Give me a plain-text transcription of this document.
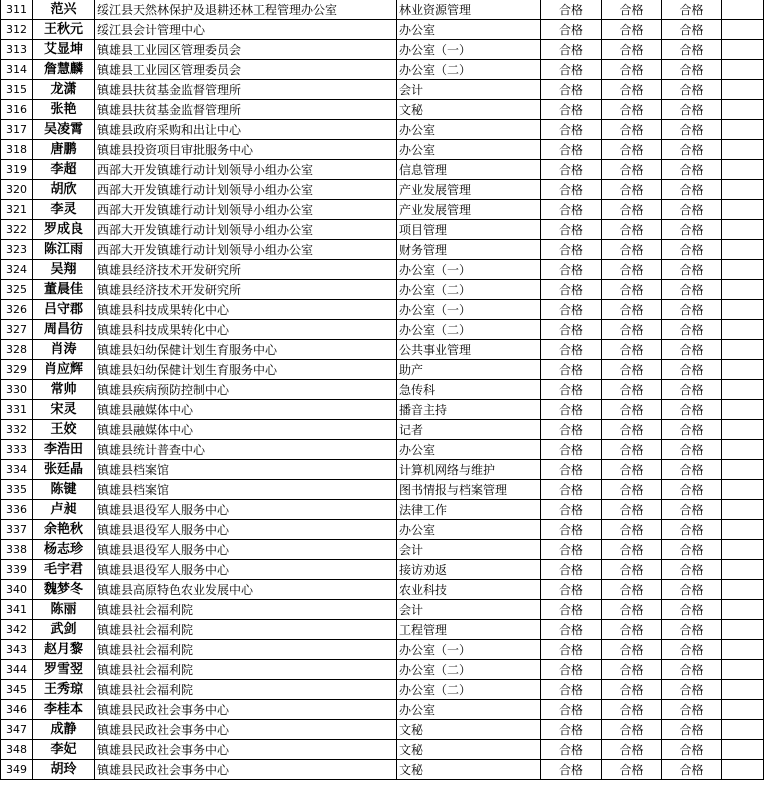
311	范兴	绥江县天然林保护及退耕还林工程管理办公室	林业资源管理	合格	合格	合格	
312	王秋元	绥江县会计管理中心	办公室	合格	合格	合格	
313	艾显坤	镇雄县工业园区管理委员会	办公室（一）	合格	合格	合格	
314	詹慧麟	镇雄县工业园区管理委员会	办公室（二）	合格	合格	合格	
315	龙潇	镇雄县扶贫基金监督管理所	会计	合格	合格	合格	
316	张艳	镇雄县扶贫基金监督管理所	文秘	合格	合格	合格	
317	吴凌霄	镇雄县政府采购和出让中心	办公室	合格	合格	合格	
318	唐鹏	镇雄县投资项目审批服务中心	办公室	合格	合格	合格	
319	李超	西部大开发镇雄行动计划领导小组办公室	信息管理	合格	合格	合格	
320	胡欣	西部大开发镇雄行动计划领导小组办公室	产业发展管理	合格	合格	合格	
321	李灵	西部大开发镇雄行动计划领导小组办公室	产业发展管理	合格	合格	合格	
322	罗成良	西部大开发镇雄行动计划领导小组办公室	项目管理	合格	合格	合格	
323	陈江雨	西部大开发镇雄行动计划领导小组办公室	财务管理	合格	合格	合格	
324	吴翔	镇雄县经济技术开发研究所	办公室（一）	合格	合格	合格	
325	董晨佳	镇雄县经济技术开发研究所	办公室（二）	合格	合格	合格	
326	吕守郡	镇雄县科技成果转化中心	办公室（一）	合格	合格	合格	
327	周昌彷	镇雄县科技成果转化中心	办公室（二）	合格	合格	合格	
328	肖涛	镇雄县妇幼保健计划生育服务中心	公共事业管理	合格	合格	合格	
329	肖应辉	镇雄县妇幼保健计划生育服务中心	助产	合格	合格	合格	
330	常帅	镇雄县疾病预防控制中心	急传科	合格	合格	合格	
331	宋灵	镇雄县融媒体中心	播音主持	合格	合格	合格	
332	王姣	镇雄县融媒体中心	记者	合格	合格	合格	
333	李浩田	镇雄县统计普查中心	办公室	合格	合格	合格	
334	张廷晶	镇雄县档案馆	计算机网络与维护	合格	合格	合格	
335	陈键	镇雄县档案馆	图书情报与档案管理	合格	合格	合格	
336	卢昶	镇雄县退役军人服务中心	法律工作	合格	合格	合格	
337	余艳秋	镇雄县退役军人服务中心	办公室	合格	合格	合格	
338	杨志珍	镇雄县退役军人服务中心	会计	合格	合格	合格	
339	毛宇君	镇雄县退役军人服务中心	接访劝返	合格	合格	合格	
340	魏梦冬	镇雄县高原特色农业发展中心	农业科技	合格	合格	合格	
341	陈丽	镇雄县社会福利院	会计	合格	合格	合格	
342	武剑	镇雄县社会福利院	工程管理	合格	合格	合格	
343	赵月黎	镇雄县社会福利院	办公室（一）	合格	合格	合格	
344	罗雪翌	镇雄县社会福利院	办公室（二）	合格	合格	合格	
345	王秀琼	镇雄县社会福利院	办公室（二）	合格	合格	合格	
346	李桂本	镇雄县民政社会事务中心	办公室	合格	合格	合格	
347	成静	镇雄县民政社会事务中心	文秘	合格	合格	合格	
348	李妃	镇雄县民政社会事务中心	文秘	合格	合格	合格	
349	胡玲	镇雄县民政社会事务中心	文秘	合格	合格	合格	
